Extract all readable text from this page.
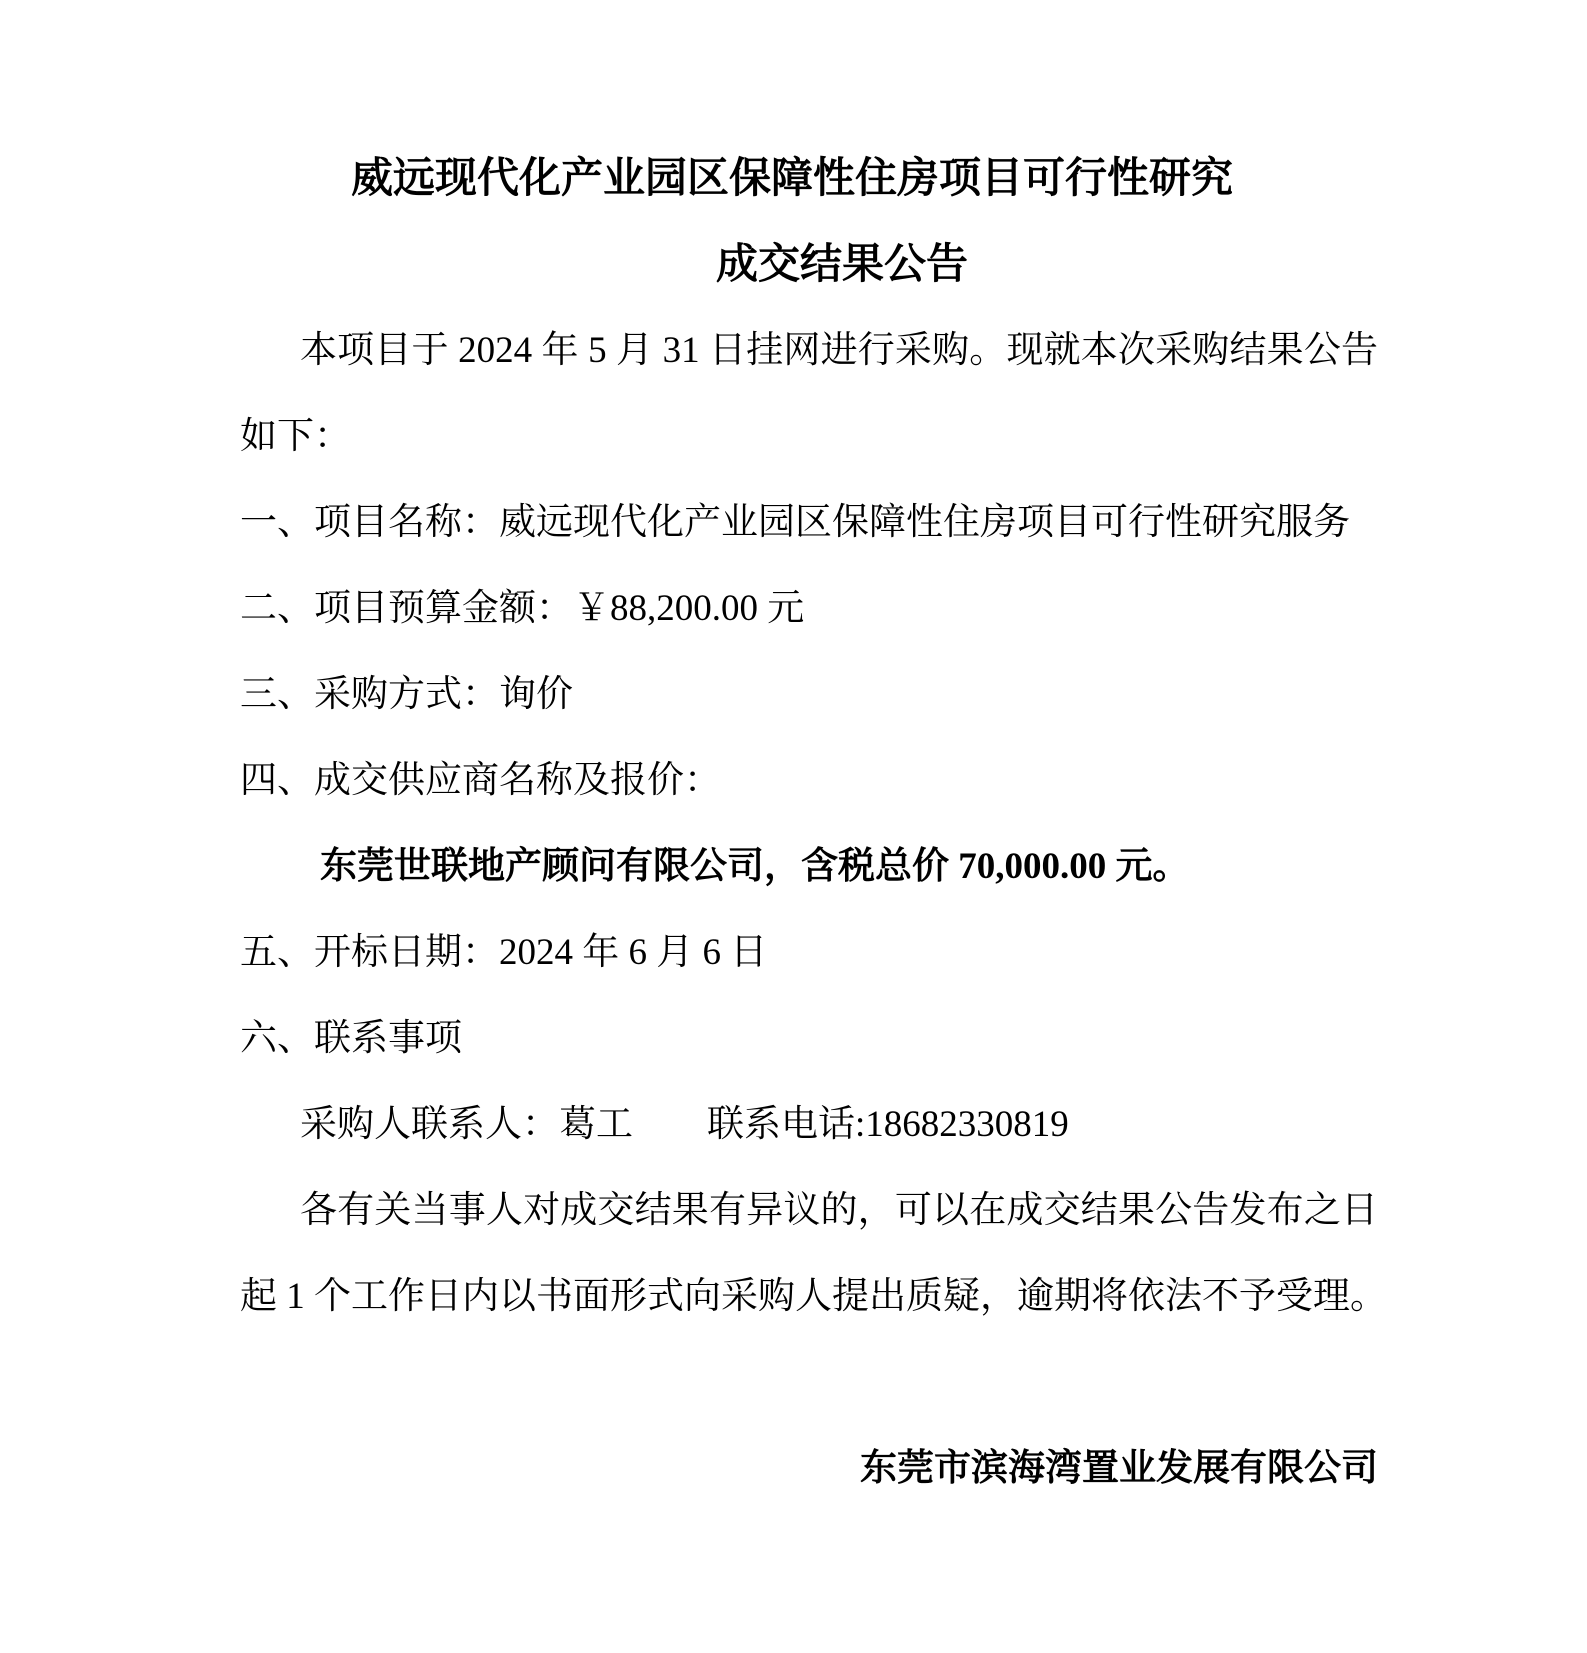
威远现代化产业园区保障性住房项目可行性研究
成交结果公告
本项目于 2024 年 5 月 31 日挂网进行采购。现就本次采购结果公告
如下：
一、项目名称：威远现代化产业园区保障性住房项目可行性研究服务
二、项目预算金额：￥88,200.00 元
三、采购方式：询价
四、成交供应商名称及报价：
东莞世联地产顾问有限公司，含税总价 70,000.00 元。
五、开标日期：2024 年 6 月 6 日
六、联系事项
采购人联系人：葛工　　联系电话:18682330819
各有关当事人对成交结果有异议的，可以在成交结果公告发布之日
起 1 个工作日内以书面形式向采购人提出质疑，逾期将依法不予受理。
东莞市滨海湾置业发展有限公司
